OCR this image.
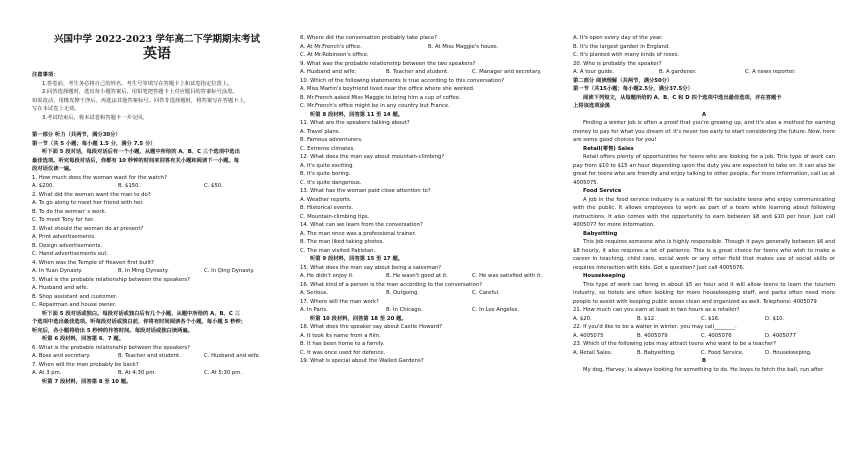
兴国中学 2022-2023 学年高二下学期期末考试
英语
注意事项：
1.答卷前，考生务必将自己的姓名、考生号等填写在答题卡上和试卷指定位置上。
2.回答选择题时，选出每小题答案后，用铅笔把答题卡上对应题目的答案标号涂黑。
如需改动，用橡皮擦干净后，再选涂其他答案标号。回答非选择题时，将答案写在答题卡上，
写在本试卷上无效。
3.考试结束后，将本试卷和答题卡一并交回。
第一部分 听力（共两节，满分30分）
第一节（共 5 小题；每小题 1.5 分，满分 7.5 分）
听下面 5 段对话，每段对话后有一个小题，从题中所给的 A、B、C 三个选项中选出
最佳选项。听完每段对话后，你都有 10 秒钟的时间来回答有关小题和阅读下一小题。每
段对话仅读一遍。
1. How much does the woman want for the watch?
A. $200.	B. $150.	C. $50.
2. What did the woman want the man to do?
A. To go along to meet her friend with her.
B. To do the woman' s work.
C. To meet Tony for her.
3. What should the woman do at present?
A. Print advertisements.
B. Design advertisements.
C. Hand advertisements out.
4. When was the Temple of Heaven first built?
A. In Yuan Dynasty.	B. In Ming Dynasty.	C. In Qing Dynasty.
5. What is the probable relationship between the speakers?
A. Husband and wife.
B. Shop assistant and customer.
C. Repairman and house owner.
听下面 5 段对话或独白。每段对话或独白后有几个小题，从题中所给的 A、B、C 三
个选项中选出最佳选项。听每段对话或独白前，你将有时间阅读各个小题，每小题 5 秒钟；
听完后，各小题将给出 5 秒钟的作答时间。每段对话或独白读两遍。
听第 6 段材料，回答第 6、7 题。
6. What is the probable relationship between the speakers?
A. Boss and secretary.	B. Teacher and student.	C. Husband and wife.
7. When will the man probably be back?
A. At 3 pm.	B. At 4:30 pm.	C. At 5:30 pm.
听第 7 段材料，回答第 8 至 10 题。
8. Where did the conversation probably take place?
A. At Mr.French's office.	B. At Miss Maggie's house.
C. At Mr.Robinson's office.
9. What was the probable relationship between the two speakers?
A. Husband and wife.	B. Teacher and student.	C. Manager and secretary.
10. Which of the following statements is true according to this conversation?
A. Miss Martin's boyfriend lived near the office where she worked.
B. Mr.French asked Miss Maggie to bring him a cup of coffee.
C. Mr.French's office might be in any country but France.
听第 8 段材料，回答第 11 至 14 题。
11. What are the speakers talking about?
A. Travel plans.
B. Famous adventurers.
C. Extreme climates.
12. What does the man say about mountain-climbing?
A. It's quite exciting.
B. It's quite boring.
C. It's quite dangerous.
13. What has the woman paid close attention to?
A. Weather reports.
B. Historical events.
C. Mountain-climbing tips.
14. What can we learn from the conversation?
A. The man once was a professional trainer.
B. The man liked taking photos.
C. The man visited Pakistan.
听第 9 段材料，回答第 15 至 17 题。
15. What does the man say about being a salesman?
A. He didn't enjoy it.	B. He wasn't good at it.	C. He was satisfied with it.
16. What kind of a person is the man according to the conversation?
A. Serious.	B. Outgoing.	C. Careful.
17. Where will the man work?
A. In Paris.	B. In Chicago.	C. In Los Angeles.
听第 10 段材料，回答第 18 至 20 题。
18. What does the speaker say about Castle Howard?
A. It took its name from a film.
B. It has been home to a family.
C. It was once used for defence.
19. What is special about the Walled Gardens?
A. It's open every day of the year.
B. It's the largest garden in England.
C. It's planted with many kinds of roses.
20. Who is probably the speaker?
A. A tour guide.	B. A gardener.	C. A news reporter.
第二部分 阅读理解（共两节，满分50分）
第一节（共15小题；每小题2.5分，满分37.5分）
阅读下列短文，从每题所给的 A、B、C 和 D 四个选项中选出最佳选项，并在答题卡
上将该选项涂黑
A
Finding a winter job is often a proof that you're growing up, and it's also a method for earning money to pay for what you dream of. It's never too early to start considering the future. Now, here are some good choices for you!
Retail(零售) Sales
Retail offers plenty of opportunities for teens who are looking for a job. This type of work can pay from $10 to $15 an hour depending upon the duty you are expected to take on. It can also be great for teens who are friendly and enjoy talking to other people. For more information, call us at 4005075.
Food Service
A job in the food service industry is a natural fit for sociable teens who enjoy communicating with the public. It allows employees to work as part of a team while learning about following instructions. It also comes with the opportunity to earn between $8 and $10 per hour. Just call 4005077 for more information.
Babysitting
This job requires someone who is highly responsible. Though it pays generally between $6 and $8 hourly, it also requires a lot of patience. This is a great choice for teens who wish to make a career in teaching, child care, social work or any other field that makes use of social skills or requires interaction with kids. Got a question? Just call 4005076.
Housekeeping
This type of work can bring in about $5 an hour and it will allow teens to learn the tourism industry, so hotels are often looking for more housekeeping staff, and parks often need more people to assist with keeping public areas clean and organized as well. Telephone: 4005079
21. How much can you earn at least in two hours as a retailer?
A. $20.	B. $12.	C. $16.	D. $10.
22. If you'd like to be a waiter in winter, you may call________.
A. 4005075	B. 4005079	C. 4005076	D. 4005077
23. Which of the following jobs may attract teens who want to be a teacher?
A. Retail Sales.	B. Babysitting.	C. Food Service.	D. Housekeeping.
B
My dog, Harvey, is always looking for something to do. He loves to fetch the ball, run after
